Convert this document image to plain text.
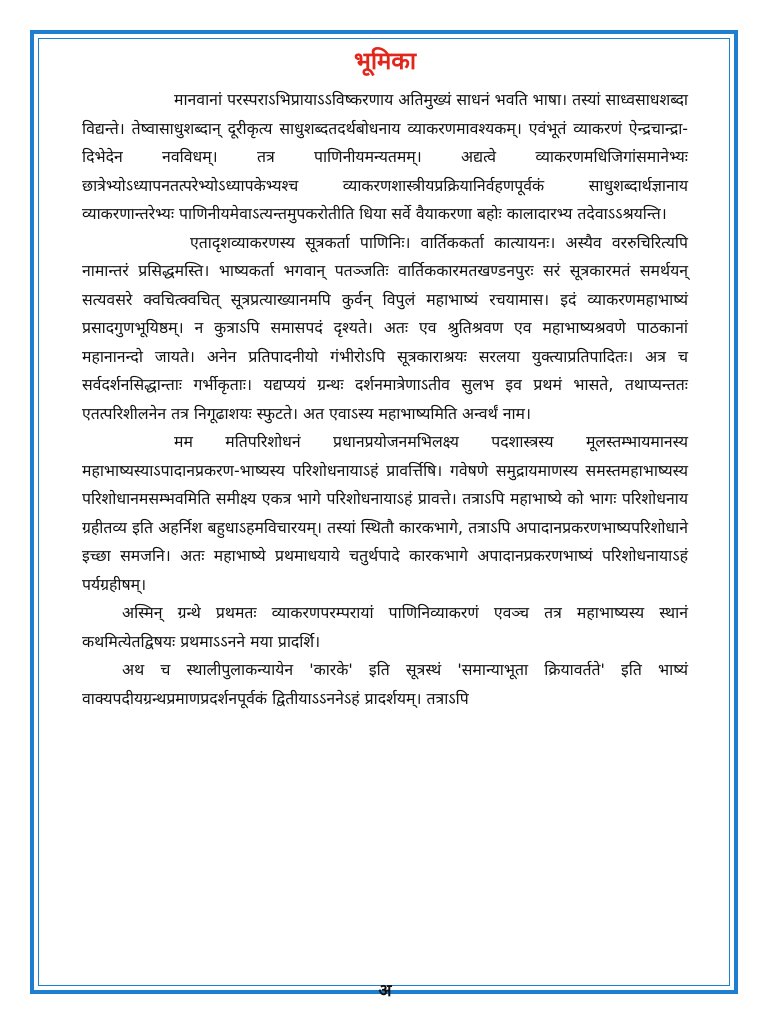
भूमिका

मानवानां परस्पराऽभिप्रायाऽऽविष्करणाय अतिमुख्यं साधनं भवति भाषा। तस्यां साध्वसाधशब्दा विद्यन्ते। तेष्वासाधुशब्दान् दूरीकृत्य साधुशब्दतदर्थबोधनाय व्याकरणमावश्यकम्। एवंभूतं व्याकरणं ऐन्द्रचान्द्रा-दिभेदेन नवविधम्। तत्र पाणिनीयमन्यतमम्। अद्यत्वे व्याकरणमधिजिगांसमानेभ्यः छात्रेभ्योऽध्यापनतत्परेभ्योऽध्यापकेभ्यश्च व्याकरणशास्त्रीयप्रक्रियानिर्वहणपूर्वकं साधुशब्दार्थज्ञानाय व्याकरणान्तरेभ्यः पाणिनीयमेवाऽत्यन्तमुपकरोतीति धिया सर्वे वैयाकरणा बहोः कालादारभ्य तदेवाऽऽश्रयन्ति।

एतादृशव्याकरणस्य सूत्रकर्ता पाणिनिः। वार्तिककर्ता कात्यायनः। अस्यैव वररुचिरित्यपि नामान्तरं प्रसिद्धमस्ति। भाष्यकर्ता भगवान् पतञ्जतिः वार्तिककारमतखण्डनपुरः सरं सूत्रकारमतं समर्थयन् सत्यवसरे क्वचित्क्वचित् सूत्रप्रत्याख्यानमपि कुर्वन् विपुलं महाभाष्यं रचयामास। इदं व्याकरणमहाभाष्यं प्रसादगुणभूयिष्ठम्। न कुत्राऽपि समासपदं दृश्यते। अतः एव श्रुतिश्रवण एव महाभाष्यश्रवणे पाठकानां महानानन्दो जायते। अनेन प्रतिपादनीयो गंभीरोऽपि सूत्रकाराश्रयः सरलया युक्त्याप्रतिपादितः। अत्र च सर्वदर्शनसिद्धान्ताः गर्भीकृताः। यद्यप्ययं ग्रन्थः दर्शनमात्रेणाऽतीव सुलभ इव प्रथमं भासते, तथाप्यन्ततः एतत्परिशीलनेन तत्र निगूढाशयः स्फुटते। अत एवाऽस्य महाभाष्यमिति अन्वर्थं नाम।

मम मतिपरिशोधनं प्रधानप्रयोजनमभिलक्ष्य पदशास्त्रस्य मूलस्तम्भायमानस्य महाभाष्यस्याऽपादानप्रकरण-भाष्यस्य परिशोधनायाऽहं प्रावर्त्तिषि। गवेषणे समुद्रायमाणस्य समस्तमहाभाष्यस्य परिशोधानमसम्भवमिति समीक्ष्य एकत्र भागे परिशोधनायाऽहं प्रावत्ते। तत्राऽपि महाभाष्ये को भागः परिशोधनाय ग्रहीतव्य इति अहर्निश बहुधाऽहमविचारयम्। तस्यां स्थितौ कारकभागे, तत्राऽपि अपादानप्रकरणभाष्यपरिशोधाने इच्छा समजनि। अतः महाभाष्ये प्रथमाधयाये चतुर्थपादे कारकभागे अपादानप्रकरणभाष्यं परिशोधनायाऽहं पर्यग्रहीषम्।

अस्मिन् ग्रन्थे प्रथमतः व्याकरणपरम्परायां पाणिनिव्याकरणं एवञ्च तत्र महाभाष्यस्य स्थानं कथमित्येतद्विषयः प्रथमाऽऽनने मया प्रादर्शि।

अथ च स्थालीपुलाकन्यायेन 'कारके' इति सूत्रस्थं 'समान्याभूता क्रियावर्तते' इति भाष्यं वाक्यपदीयग्रन्थप्रमाणप्रदर्शनपूर्वकं द्वितीयाऽऽननेऽहं प्रादर्शयम्। तत्राऽपि

अ
